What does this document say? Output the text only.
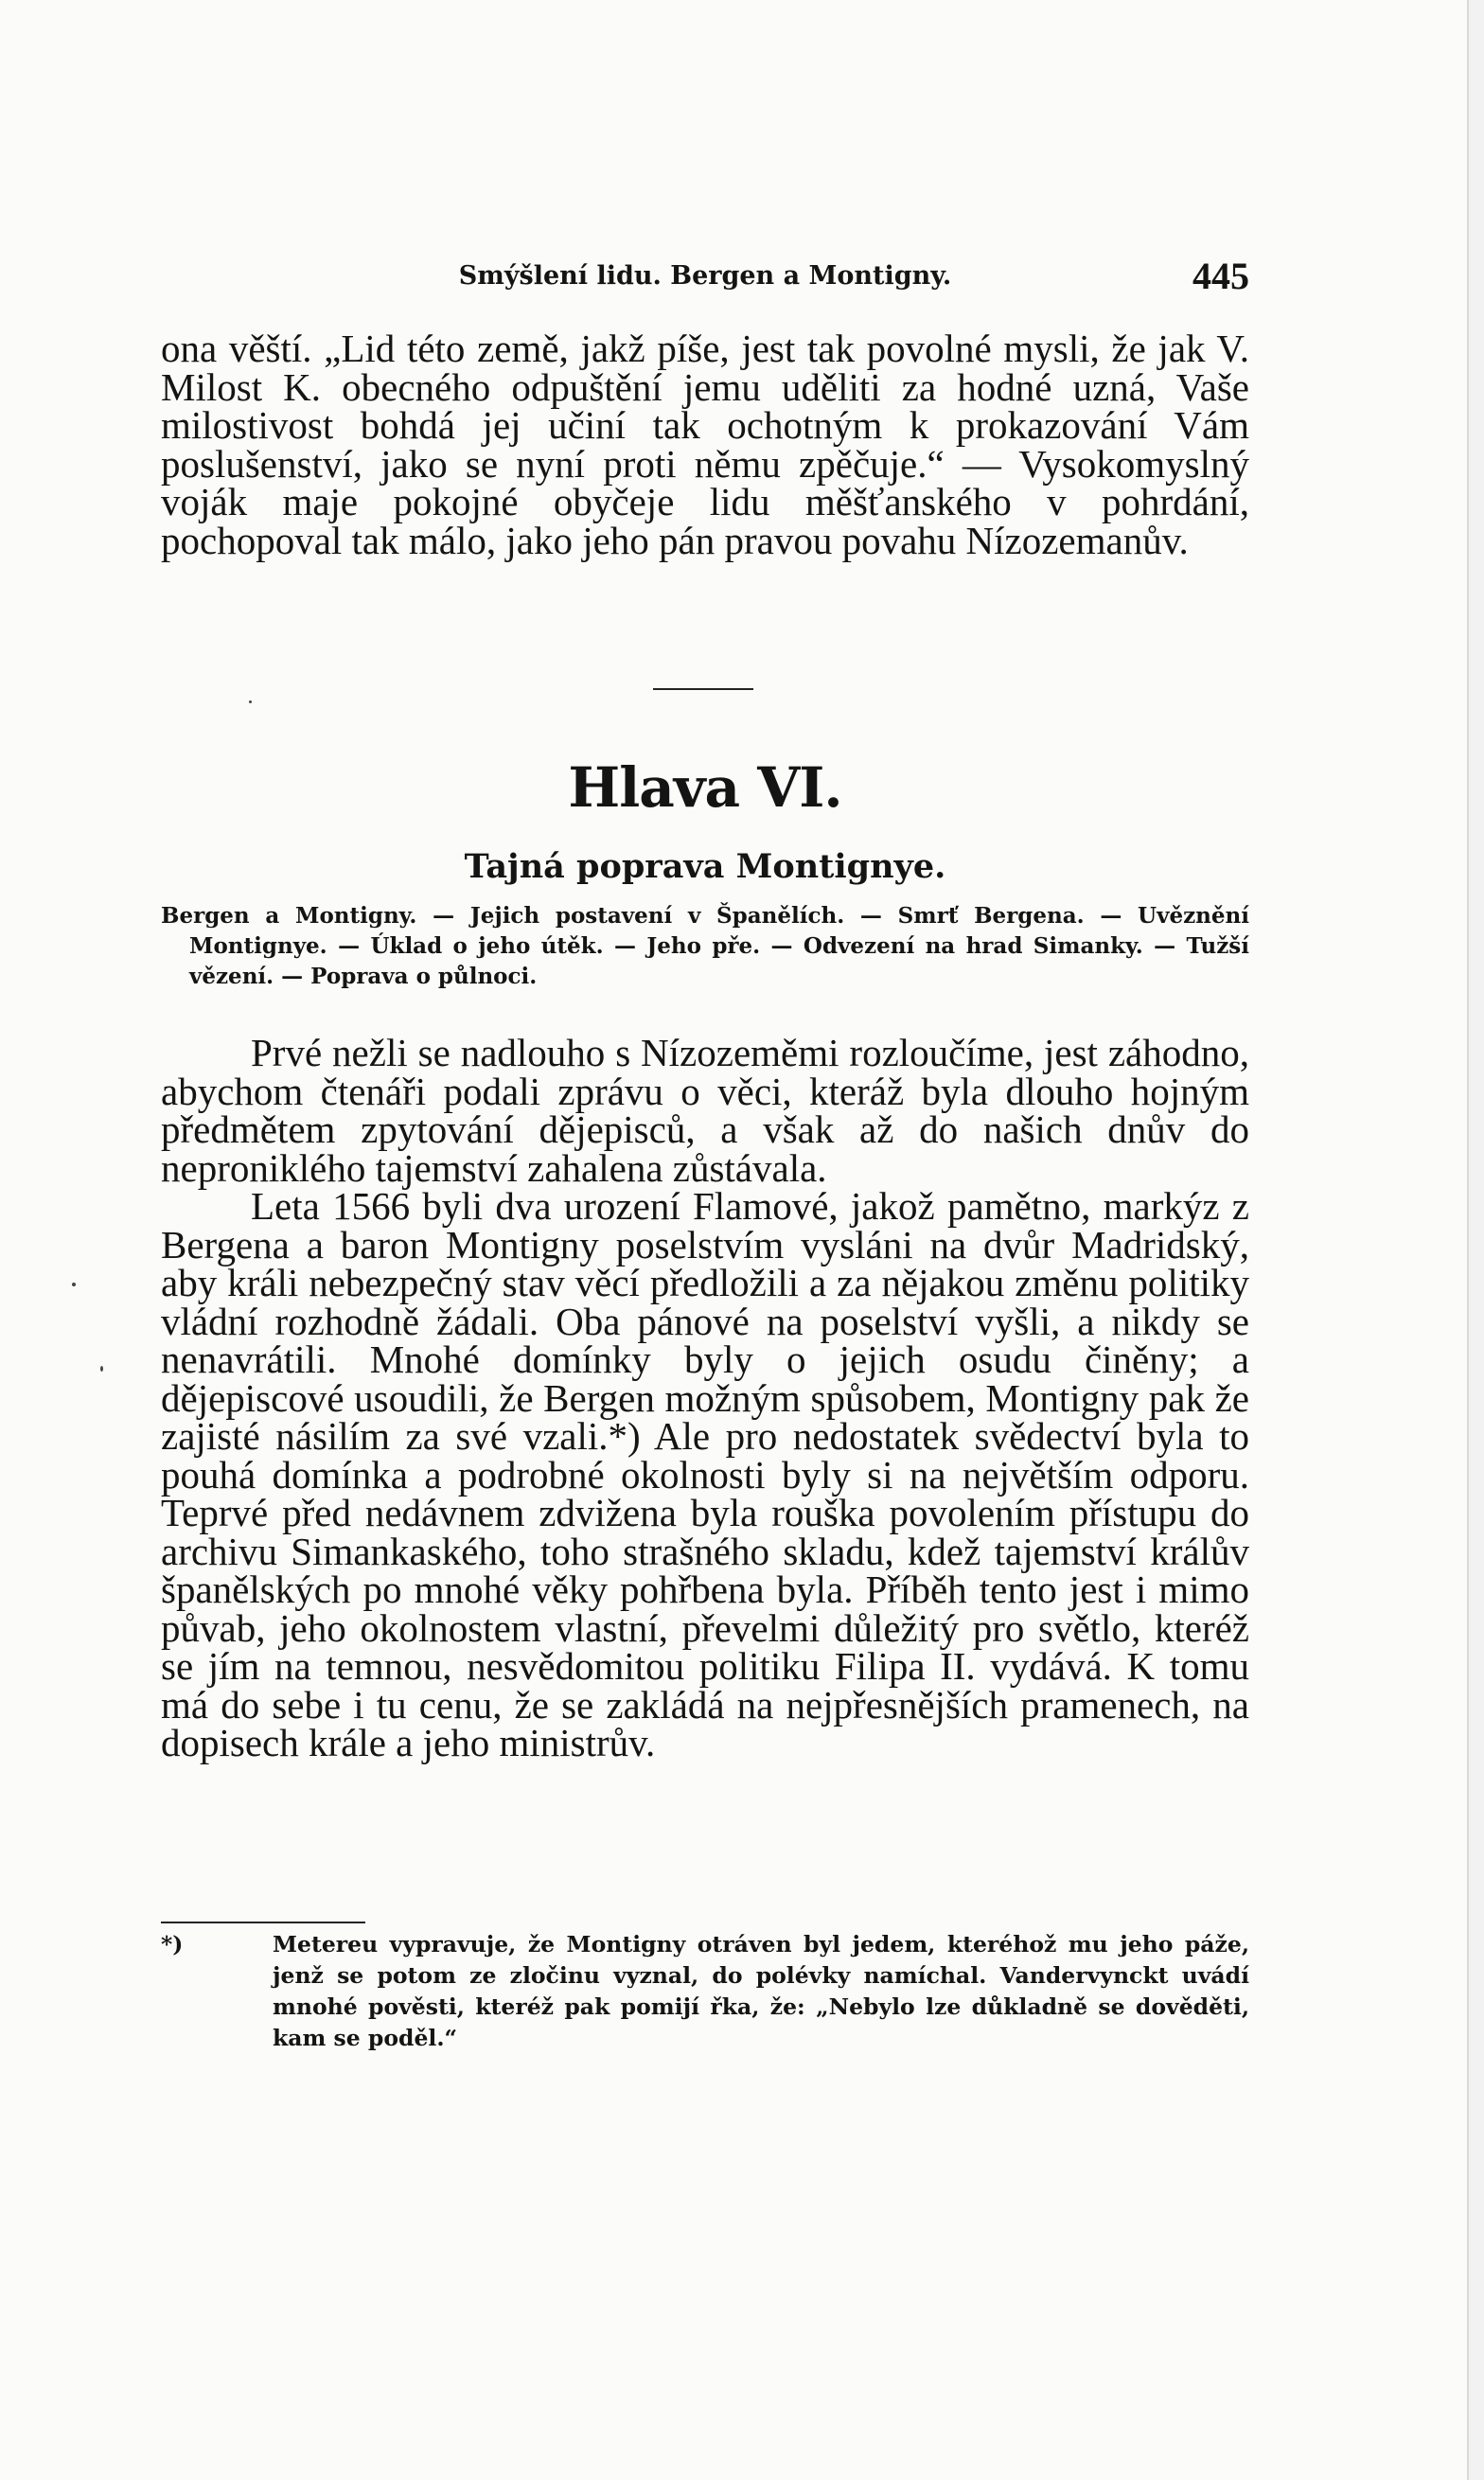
Smýšlení lidu. Bergen a Montigny.	445

ona věští. „Lid této země, jakž píše, jest tak povolné mysli, že jak V. Milost K. obecného odpuštění jemu uděliti za hodné uzná, Vaše milostivost bohdá jej učiní tak ochotným k prokazování Vám poslušenství, jako se nyní proti němu zpěčuje.“ — Vysokomyslný voják maje pokojné obyčeje lidu měšťanského v pohrdání, pochopoval tak málo, jako jeho pán pravou povahu Nízozemanův.

Hlava VI.
Tajná poprava Montignye.
Bergen a Montigny. — Jejich postavení v Španělích. — Smrť Bergena. — Uvěznění Montignye. — Úklad o jeho útěk. — Jeho pře. — Odvezení na hrad Simanky. — Tužší vězení. — Poprava o půlnoci.

Prvé nežli se nadlouho s Nízozeměmi rozloučíme, jest záhodno, abychom čtenáři podali zprávu o věci, kteráž byla dlouho hojným předmětem zpytování dějepisců, a však až do našich dnův do neproniklého tajemství zahalena zůstávala.

Leta 1566 byli dva urození Flamové, jakož pamětno, markýz z Bergena a baron Montigny poselstvím vysláni na dvůr Madridský, aby králi nebezpečný stav věcí předložili a za nějakou změnu politiky vládní rozhodně žádali. Oba pánové na poselství vyšli, a nikdy se nenavrátili. Mnohé domínky byly o jejich osudu činěny; a dějepiscové usoudili, že Bergen možným spůsobem, Montigny pak že zajisté násilím za své vzali.*) Ale pro nedostatek svědectví byla to pouhá domínka a podrobné okolnosti byly si na největším odporu. Teprvé před nedávnem zdvižena byla rouška povolením přístupu do archivu Simankaského, toho strašného skladu, kdež tajemství králův španělských po mnohé věky pohřbena byla. Příběh tento jest i mimo půvab, jeho okolnostem vlastní, převelmi důležitý pro světlo, kteréž se jím na temnou, nesvědomitou politiku Filipa II. vydává. K tomu má do sebe i tu cenu, že se zakládá na nejpřesnějších pramenech, na dopisech krále a jeho ministrův.

*)	Metereu vypravuje, že Montigny otráven byl jedem, kteréhož mu jeho páže, jenž se potom ze zločinu vyznal, do polévky namíchal. Vandervynckt uvádí mnohé pověsti, kteréž pak pomijí řka, že: „Nebylo lze důkladně se dověděti, kam se poděl.“
